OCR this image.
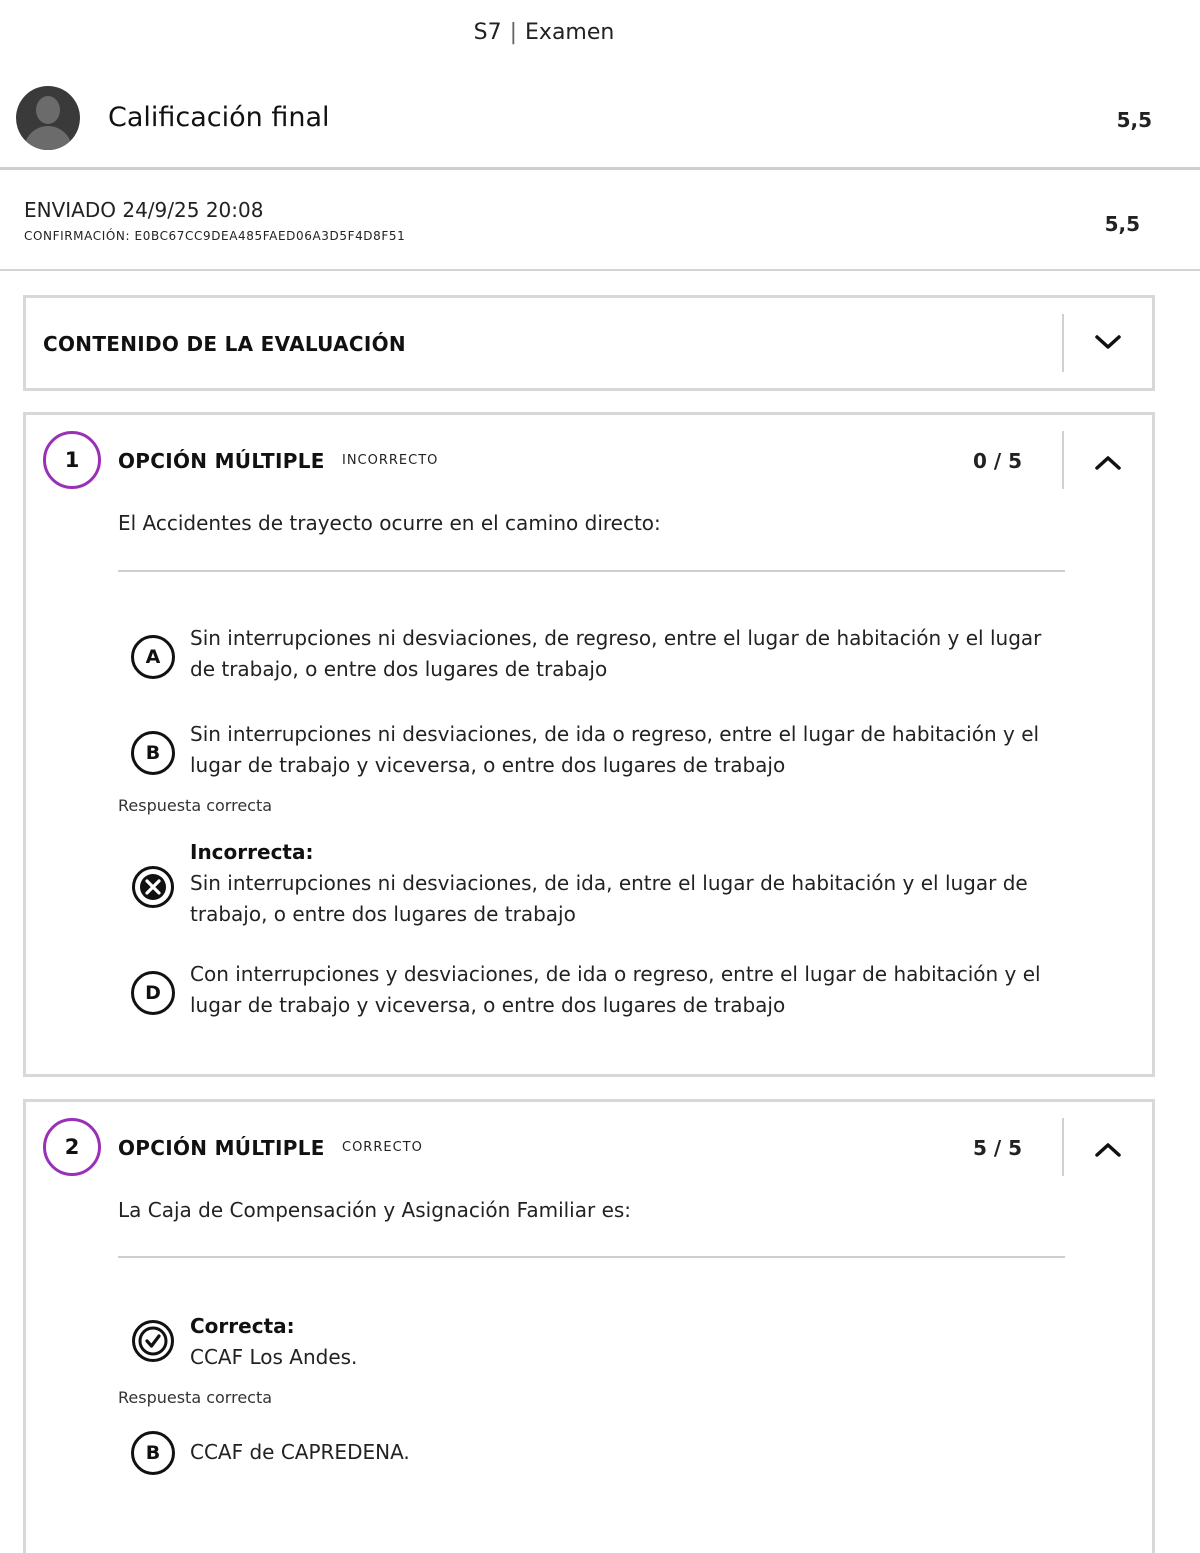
S7 | Examen
Calificación final	5,5
ENVIADO 24/9/25 20:08
CONFIRMACIÓN: E0BC67CC9DEA485FAED06A3D5F4D8F51	5,5
CONTENIDO DE LA EVALUACIÓN
1	OPCIÓN MÚLTIPLE INCORRECTO	0 / 5
El Accidentes de trayecto ocurre en el camino directo:
A
Sin interrupciones ni desviaciones, de regreso, entre el lugar de habitación y el lugar de trabajo, o entre dos lugares de trabajo
B
Sin interrupciones ni desviaciones, de ida o regreso, entre el lugar de habitación y el lugar de trabajo y viceversa, o entre dos lugares de trabajo
Respuesta correcta
Incorrecta:
Sin interrupciones ni desviaciones, de ida, entre el lugar de habitación y el lugar de trabajo, o entre dos lugares de trabajo
D
Con interrupciones y desviaciones, de ida o regreso, entre el lugar de habitación y el lugar de trabajo y viceversa, o entre dos lugares de trabajo
2	OPCIÓN MÚLTIPLE CORRECTO	5 / 5
La Caja de Compensación y Asignación Familiar es:
Correcta:
CCAF Los Andes.
Respuesta correcta
B	CCAF de CAPREDENA.
